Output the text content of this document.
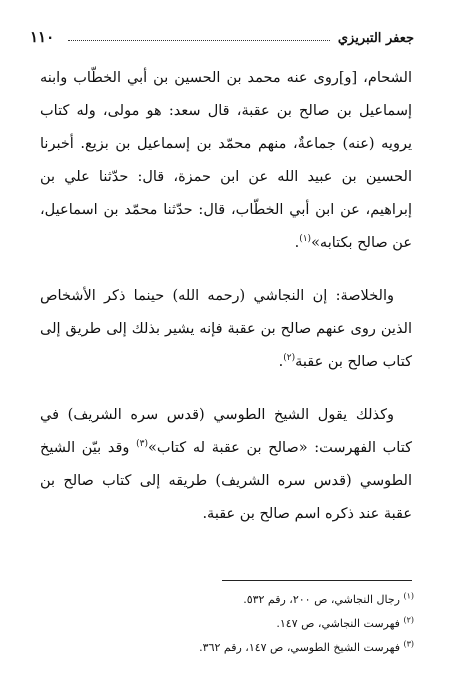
١١٠	جعفر التبريزي

الشحام، [و]روى عنه محمد بن الحسين بن أبي الخطّاب وابنه إسماعيل بن صالح بن عقبة، قال سعد: هو مولى، وله كتاب يرويه (عنه) جماعةٌ، منهم محمّد بن إسماعيل بن بزيع. أخبرنا الحسين بن عبيد الله عن ابن حمزة، قال: حدّثنا علي بن إبراهيم، عن ابن أبي الخطّاب، قال: حدّثنا محمّد بن اسماعيل، عن صالح بكتابه»$^{(١)}$.

والخلاصة: إن النجاشي (رحمه الله) حينما ذكر الأشخاص الذين روى عنهم صالح بن عقبة فإنه يشير بذلك إلى طريق إلى كتاب صالح بن عقبة$^{(٢)}$.

وكذلك يقول الشيخ الطوسي (قدس سره الشريف) في كتاب الفهرست: «صالح بن عقبة له كتاب»$^{(٣)}$ وقد بيّن الشيخ الطوسي (قدس سره الشريف) طريقه إلى كتاب صالح بن عقبة عند ذكره اسم صالح بن عقبة.

$^{(١)}$ رجال النجاشي، ص ٢٠٠، رقم ٥٣٢.
$^{(٢)}$ فهرست النجاشي، ص ١٤٧.
$^{(٣)}$ فهرست الشيخ الطوسي، ص ١٤٧، رقم ٣٦٢.
